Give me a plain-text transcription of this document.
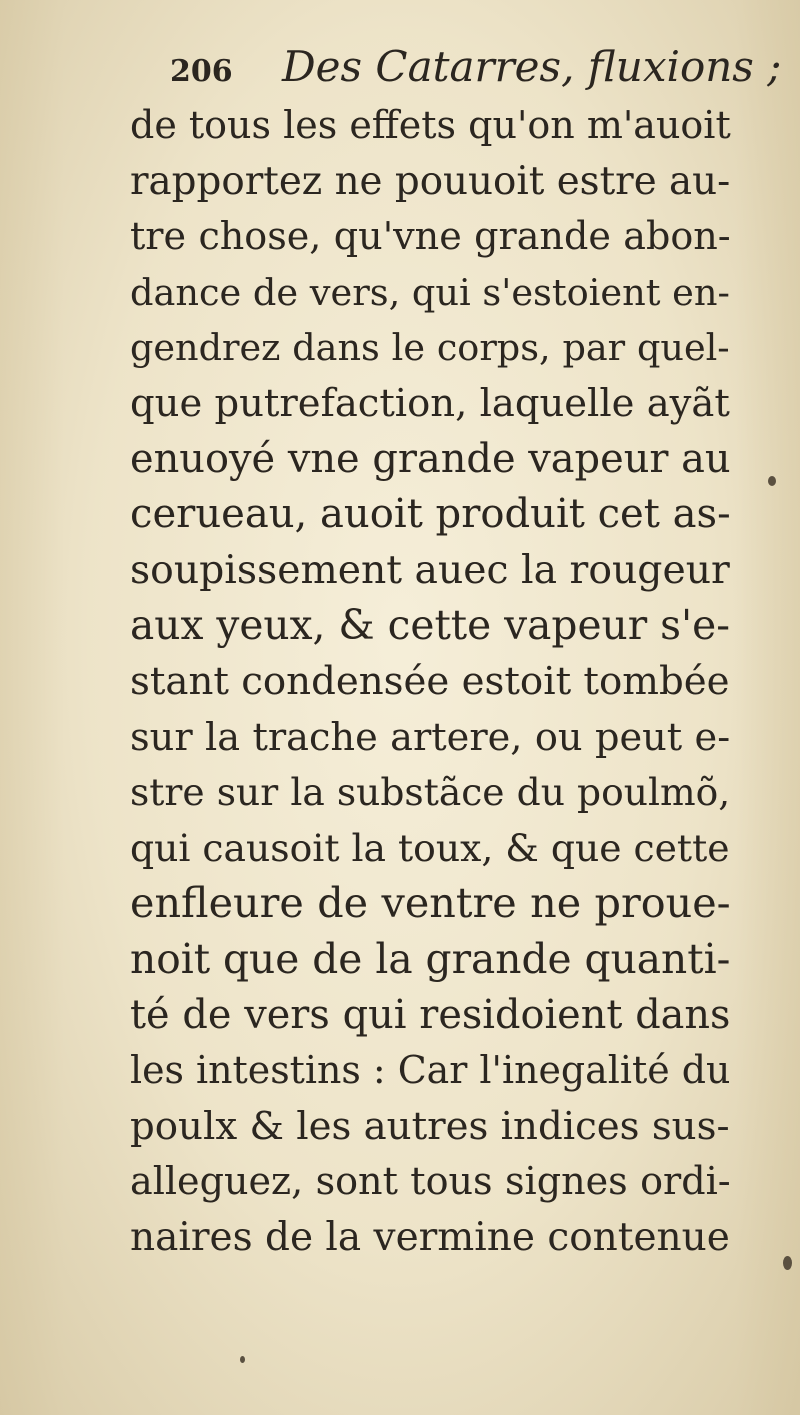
206 Des Catarres, fluxions ;
de tous les effets qu'on m'auoit
rapportez ne pouuoit estre au-
tre chose, qu'vne grande abon-
dance de vers, qui s'estoient en-
gendrez dans le corps, par quel-
que putrefaction, laquelle ayãt
enuoyé vne grande vapeur au
cerueau, auoit produit cet as-
soupissement auec la rougeur
aux yeux, & cette vapeur s'e-
stant condensée estoit tombée
sur la trache artere, ou peut e-
stre sur la substãce du poulmõ,
qui causoit la toux, & que cette
enfleure de ventre ne proue-
noit que de la grande quanti-
té de vers qui residoient dans
les intestins : Car l'inegalité du
poulx & les autres indices sus-
alleguez, sont tous signes ordi-
naires de la vermine contenue
